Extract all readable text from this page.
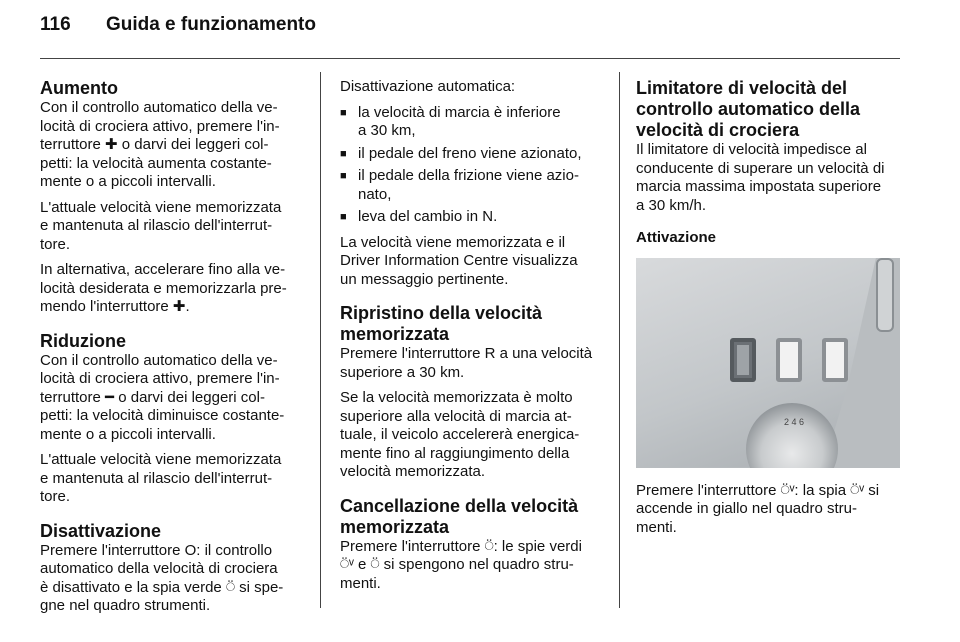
116 Guida e funzionamento
Aumento

Con il controllo automatico della ve-
locità di crociera attivo, premere l'in-
terruttore ✚ o darvi dei leggeri col-
petti: la velocità aumenta costante-
mente o a piccoli intervalli.

L'attuale velocità viene memorizzata
e mantenuta al rilascio dell'interrut-
tore.

In alternativa, accelerare fino alla ve-
locità desiderata e memorizzarla pre-
mendo l'interruttore ✚.

Riduzione

Con il controllo automatico della ve-
locità di crociera attivo, premere l'in-
terruttore ━ o darvi dei leggeri col-
petti: la velocità diminuisce costante-
mente o a piccoli intervalli.

L'attuale velocità viene memorizzata
e mantenuta al rilascio dell'interrut-
tore.

Disattivazione

Premere l'interruttore O: il controllo
automatico della velocità di crociera
è disattivato e la spia verde ⍥ si spe-
gne nel quadro strumenti.

Disattivazione automatica:

■ la velocità di marcia è inferiore
a 30 km,
■ il pedale del freno viene azionato,
■ il pedale della frizione viene azio-
nato,
■ leva del cambio in N.

La velocità viene memorizzata e il
Driver Information Centre visualizza
un messaggio pertinente.

Ripristino della velocità
memorizzata

Premere l'interruttore R a una velocità
superiore a 30 km.

Se la velocità memorizzata è molto
superiore alla velocità di marcia at-
tuale, il veicolo accelererà energica-
mente fino al raggiungimento della
velocità memorizzata.

Cancellazione della velocità
memorizzata

Premere l'interruttore ⍥: le spie verdi
⍥ᵛ e ⍥ si spengono nel quadro stru-
menti.

Limitatore di velocità del
controllo automatico della
velocità di crociera

Il limitatore di velocità impedisce al
conducente di superare un velocità di
marcia massima impostata superiore
a 30 km/h.

Attivazione
2 4 6

Premere l'interruttore ⍥ᵛ: la spia ⍥ᵛ si
accende in giallo nel quadro stru-
menti.
